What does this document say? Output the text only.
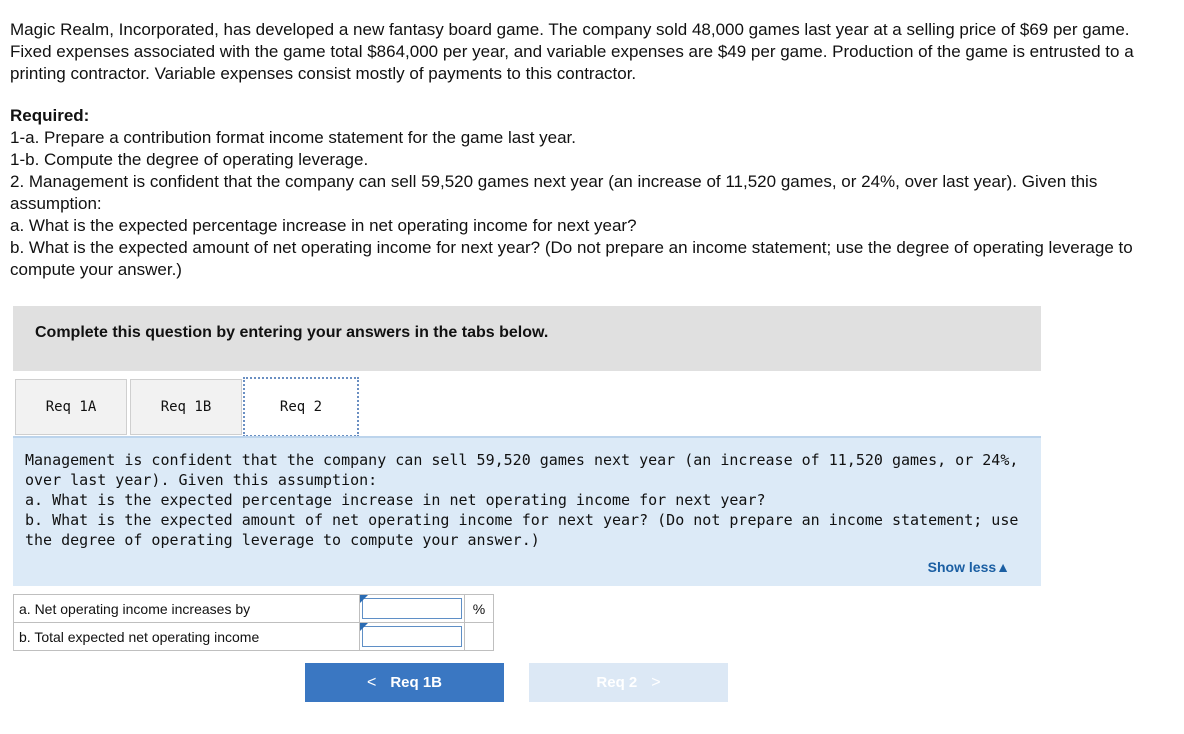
Magic Realm, Incorporated, has developed a new fantasy board game. The company sold 48,000 games last year at a selling price of $69 per game. Fixed expenses associated with the game total $864,000 per year, and variable expenses are $49 per game. Production of the game is entrusted to a printing contractor. Variable expenses consist mostly of payments to this contractor.

Required:

1-a. Prepare a contribution format income statement for the game last year.

1-b. Compute the degree of operating leverage.

2. Management is confident that the company can sell 59,520 games next year (an increase of 11,520 games, or 24%, over last year). Given this assumption:

a. What is the expected percentage increase in net operating income for next year?

b. What is the expected amount of net operating income for next year? (Do not prepare an income statement; use the degree of operating leverage to compute your answer.)

Complete this question by entering your answers in the tabs below.
Req 1A	Req 1B	Req 2

Management is confident that the company can sell 59,520 games next year (an increase of 11,520 games, or 24%, over last year). Given this assumption:

a. What is the expected percentage increase in net operating income for next year?

b. What is the expected amount of net operating income for next year? (Do not prepare an income statement; use the degree of operating leverage to compute your answer.)

Show less▲
a. Net operating income increases by		%
b. Total expected net operating income	

< Req 1B	Req 2 >
